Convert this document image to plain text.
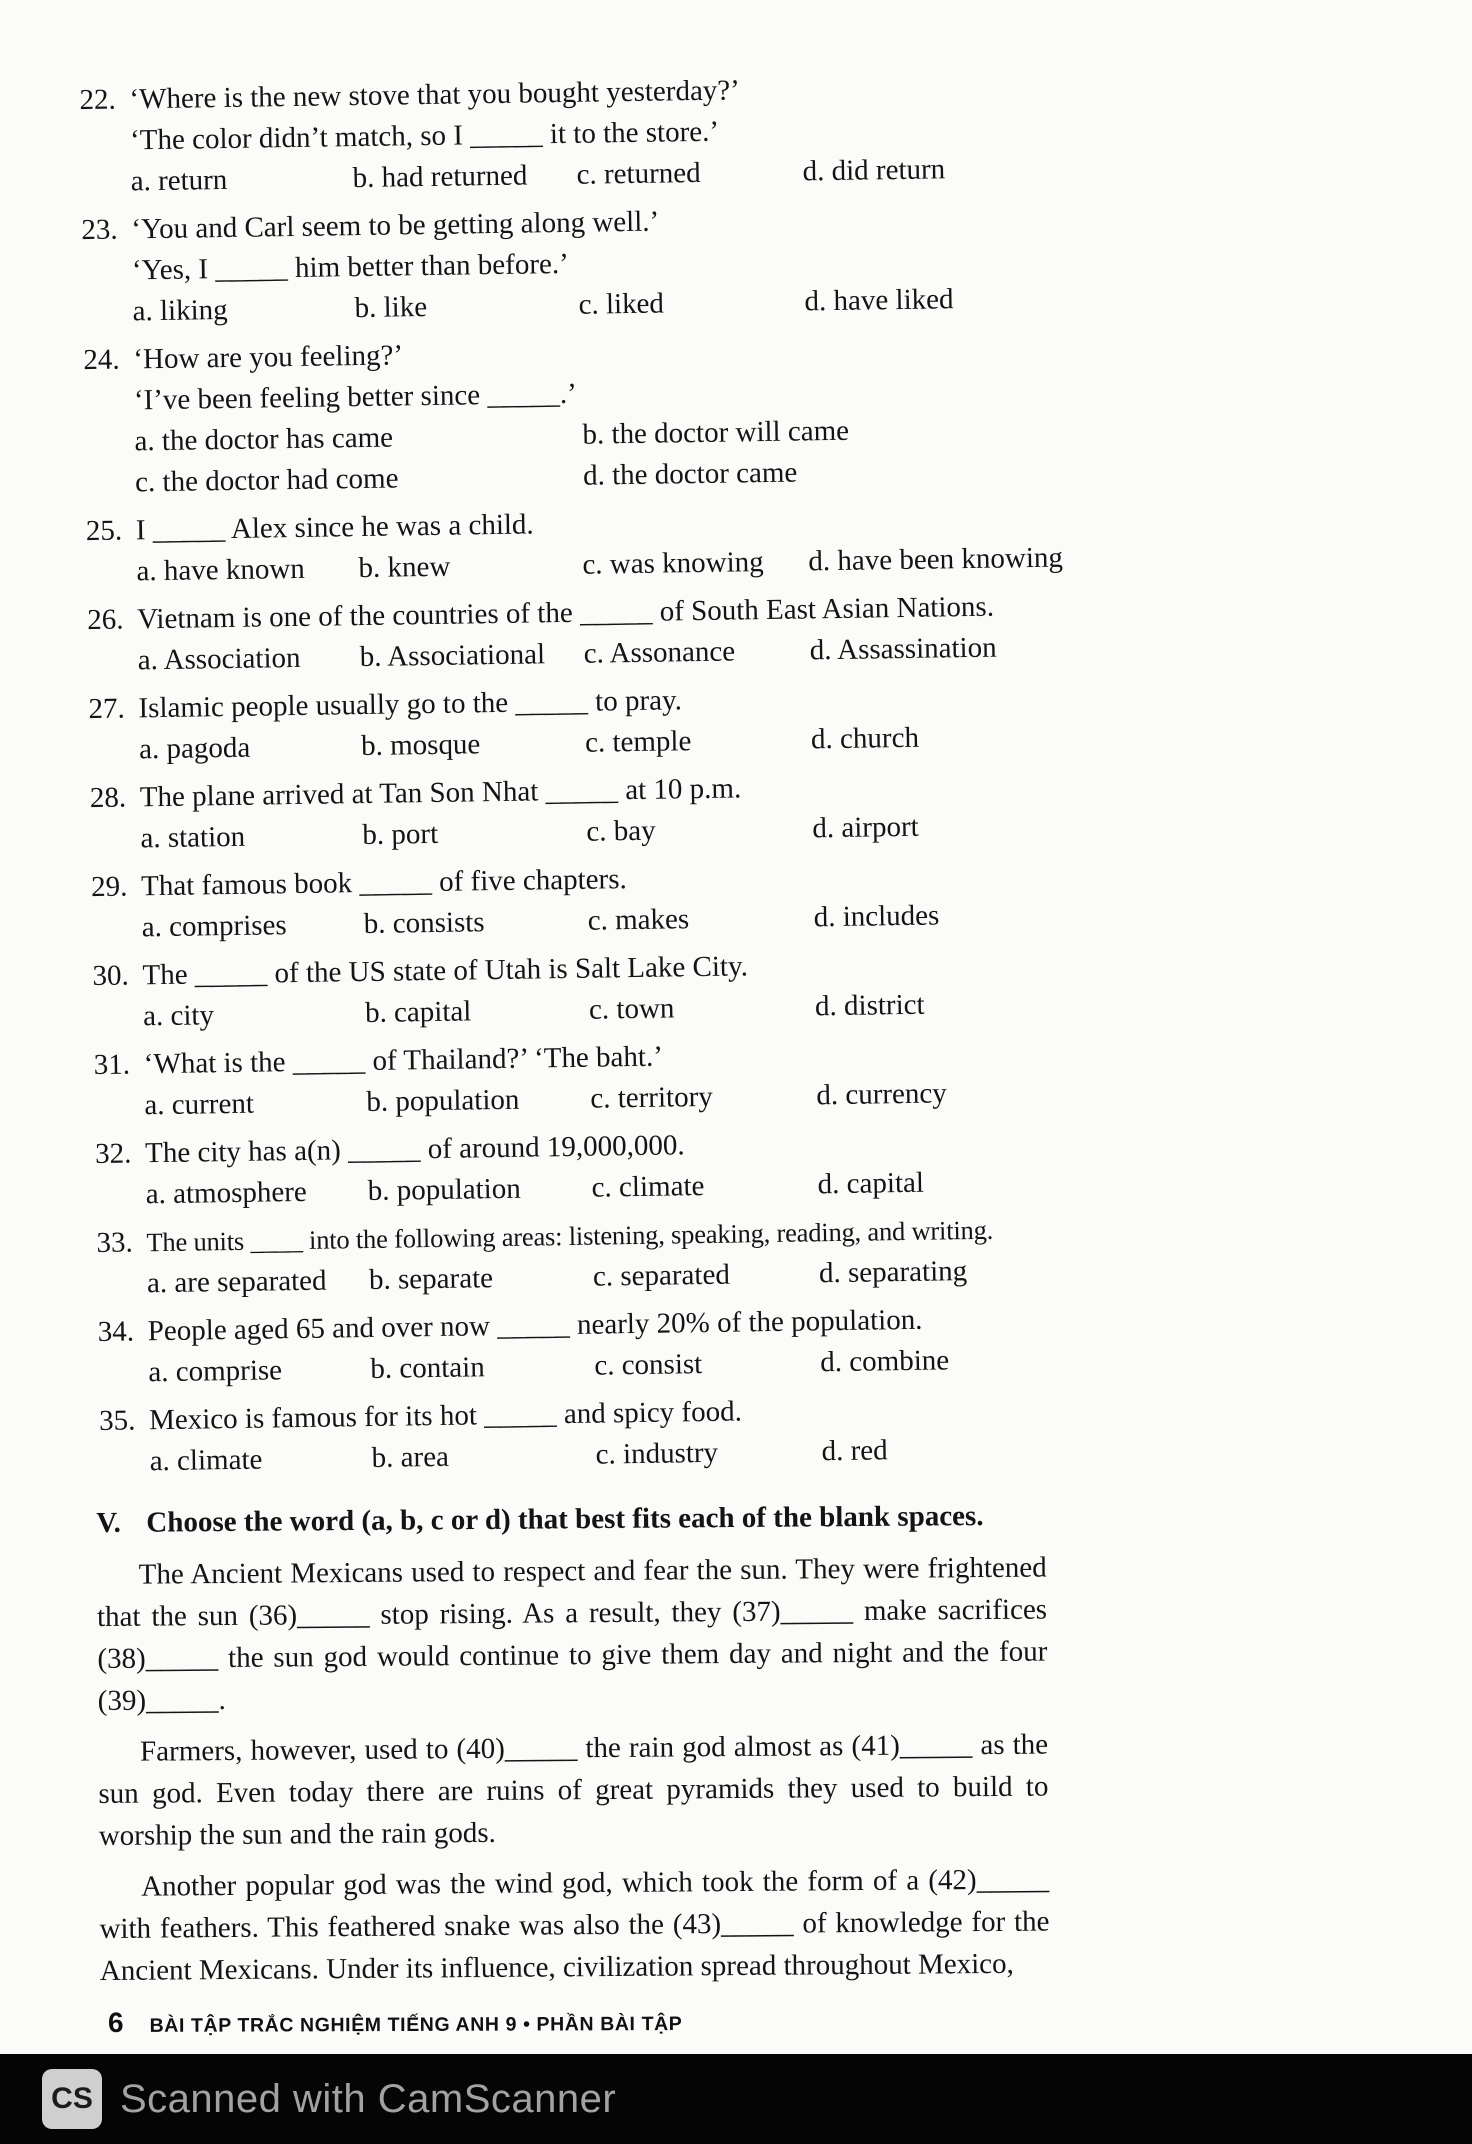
22. ‘Where is the new stove that you bought yesterday?’
‘The color didn’t match, so I _____ it to the store.’
a. return	b. had returned	c. returned	d. did return
23. ‘You and Carl seem to be getting along well.’
‘Yes, I _____ him better than before.’
a. liking	b. like	c. liked	d. have liked
24. ‘How are you feeling?’
‘I’ve been feeling better since _____.’
a. the doctor has came	b. the doctor will came
c. the doctor had come	d. the doctor came
25. I _____ Alex since he was a child.
a. have known	b. knew	c. was knowing	d. have been knowing
26. Vietnam is one of the countries of the _____ of South East Asian Nations.
a. Association	b. Associational	c. Assonance	d. Assassination
27. Islamic people usually go to the _____ to pray.
a. pagoda	b. mosque	c. temple	d. church
28. The plane arrived at Tan Son Nhat _____ at 10 p.m.
a. station	b. port	c. bay	d. airport
29. That famous book _____ of five chapters.
a. comprises	b. consists	c. makes	d. includes
30. The _____ of the US state of Utah is Salt Lake City.
a. city	b. capital	c. town	d. district
31. ‘What is the _____ of Thailand?’ ‘The baht.’
a. current	b. population	c. territory	d. currency
32. The city has a(n) _____ of around 19,000,000.
a. atmosphere	b. population	c. climate	d. capital
33. The units ____ into the following areas: listening, speaking, reading, and writing.
a. are separated	b. separate	c. separated	d. separating
34. People aged 65 and over now _____ nearly 20% of the population.
a. comprise	b. contain	c. consist	d. combine
35. Mexico is famous for its hot _____ and spicy food.
a. climate	b. area	c. industry	d. red
V. Choose the word (a, b, c or d) that best fits each of the blank spaces.
The Ancient Mexicans used to respect and fear the sun. They were frightened
that the sun (36)_____ stop rising. As a result, they (37)_____ make sacrifices
(38)_____ the sun god would continue to give them day and night and the four
(39)_____.
Farmers, however, used to (40)_____ the rain god almost as (41)_____ as the
sun god. Even today there are ruins of great pyramids they used to build to
worship the sun and the rain gods.
Another popular god was the wind god, which took the form of a (42)_____
with feathers. This feathered snake was also the (43)_____ of knowledge for the
Ancient Mexicans. Under its influence, civilization spread throughout Mexico,
6 BÀI TẬP TRẮC NGHIỆM TIẾNG ANH 9 • PHẦN BÀI TẬP
CS Scanned with CamScanner
